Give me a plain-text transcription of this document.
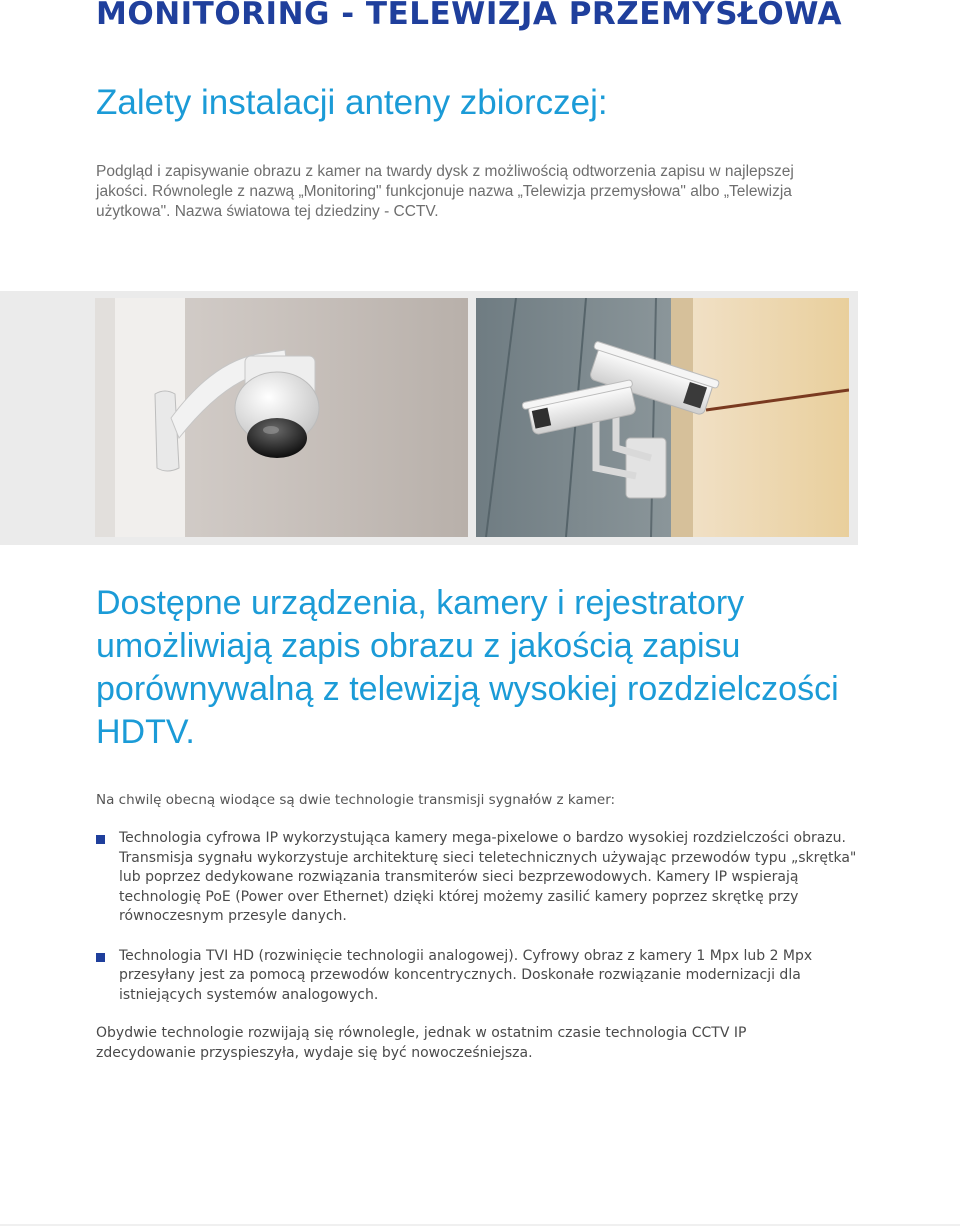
MONITORING - TELEWIZJA PRZEMYSŁOWA
Zalety instalacji anteny zbiorczej:

Podgląd i zapisywanie obrazu z kamer na twardy dysk z możliwością odtworzenia zapisu w najlepszej jakości. Równolegle z nazwą „Monitoring" funkcjonuje nazwa „Telewizja przemysłowa" albo „Telewizja użytkowa". Nazwa światowa tej dziedziny - CCTV.

Dostępne urządzenia, kamery i rejestratory umożliwiają zapis obrazu z jakością zapisu porównywalną z telewizją wysokiej rozdzielczości HDTV.

Na chwilę obecną wiodące są dwie technologie transmisji sygnałów z kamer:

Technologia cyfrowa IP wykorzystująca kamery mega-pixelowe o bardzo wysokiej rozdzielczości obrazu. Transmisja sygnału wykorzystuje architekturę sieci teletechnicznych używając przewodów typu „skrętka" lub poprzez dedykowane rozwiązania transmiterów sieci bezprzewodowych. Kamery IP wspierają technologię PoE (Power over Ethernet) dzięki której możemy zasilić kamery poprzez skrętkę przy równoczesnym przesyle danych.
Technologia TVI HD (rozwinięcie technologii analogowej). Cyfrowy obraz z kamery 1 Mpx lub 2 Mpx przesyłany jest za pomocą przewodów koncentrycznych. Doskonałe rozwiązanie modernizacji dla istniejących systemów analogowych.

Obydwie technologie rozwijają się równolegle, jednak w ostatnim czasie technologia CCTV IP zdecydowanie przyspieszyła, wydaje się być nowocześniejsza.
